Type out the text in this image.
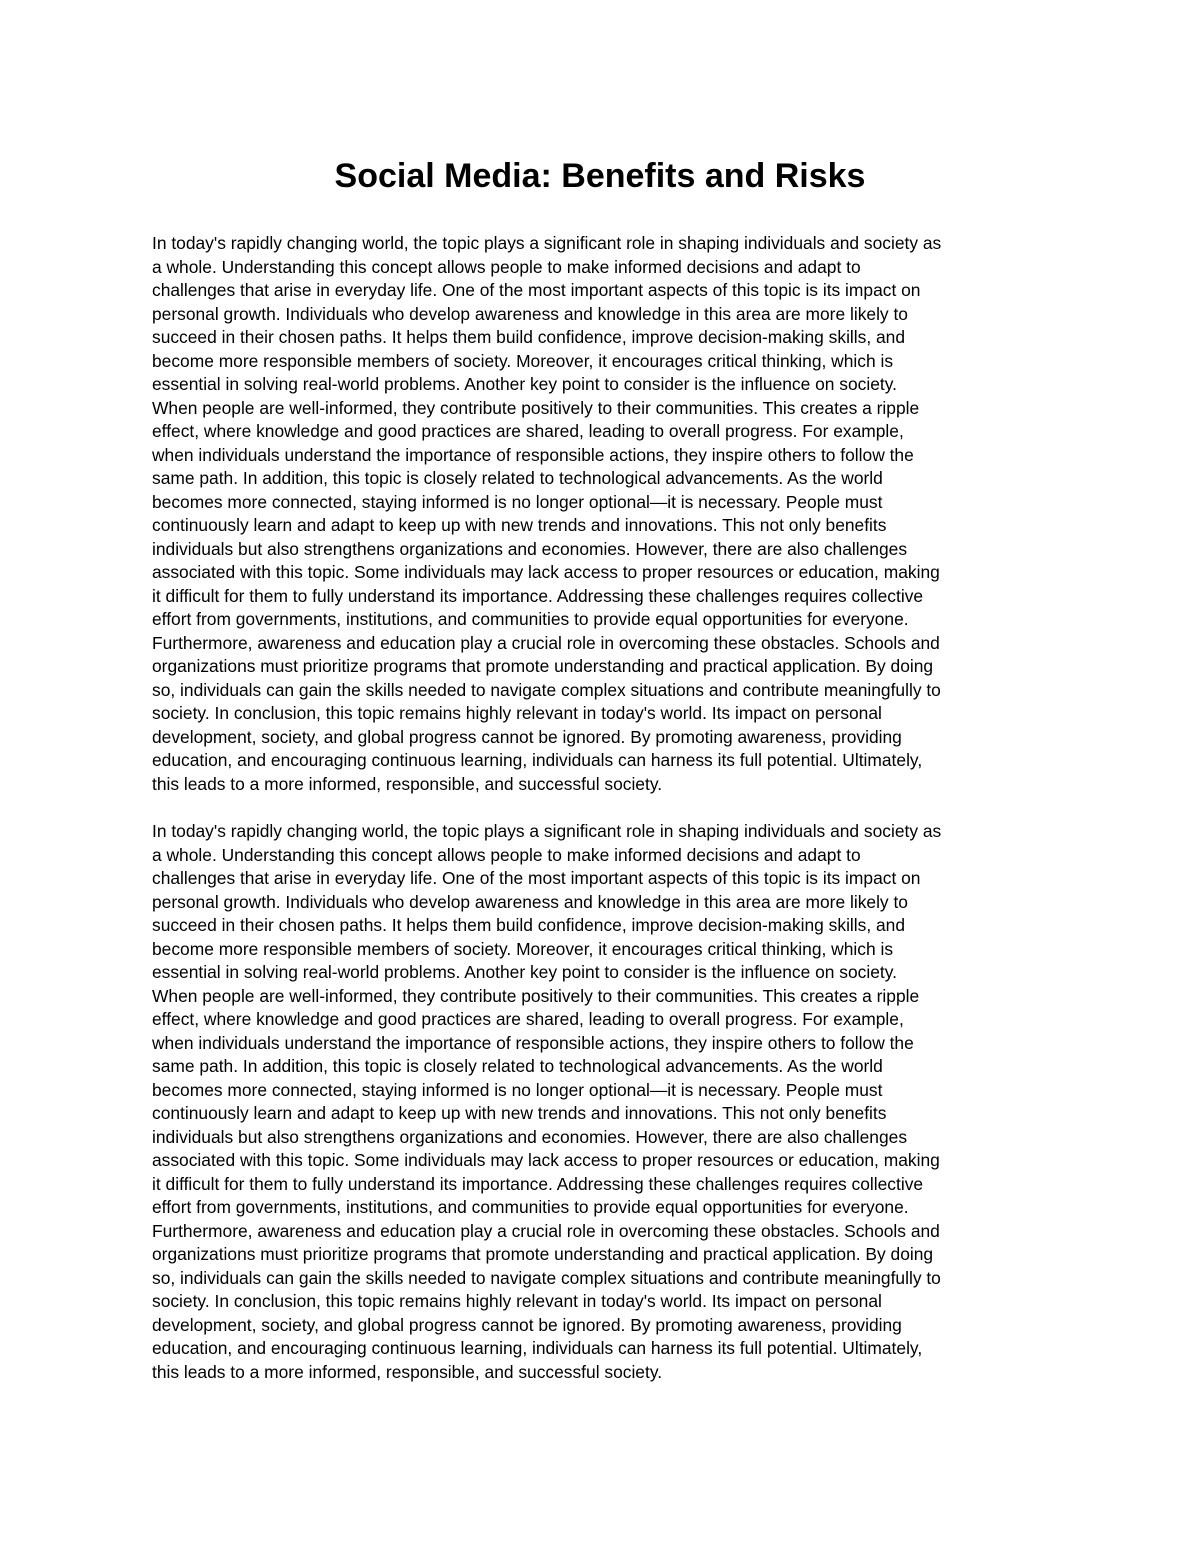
Social Media: Benefits and Risks
In today's rapidly changing world, the topic plays a significant role in shaping individuals and society as
a whole. Understanding this concept allows people to make informed decisions and adapt to
challenges that arise in everyday life. One of the most important aspects of this topic is its impact on
personal growth. Individuals who develop awareness and knowledge in this area are more likely to
succeed in their chosen paths. It helps them build confidence, improve decision-making skills, and
become more responsible members of society. Moreover, it encourages critical thinking, which is
essential in solving real-world problems. Another key point to consider is the influence on society.
When people are well-informed, they contribute positively to their communities. This creates a ripple
effect, where knowledge and good practices are shared, leading to overall progress. For example,
when individuals understand the importance of responsible actions, they inspire others to follow the
same path. In addition, this topic is closely related to technological advancements. As the world
becomes more connected, staying informed is no longer optional—it is necessary. People must
continuously learn and adapt to keep up with new trends and innovations. This not only benefits
individuals but also strengthens organizations and economies. However, there are also challenges
associated with this topic. Some individuals may lack access to proper resources or education, making
it difficult for them to fully understand its importance. Addressing these challenges requires collective
effort from governments, institutions, and communities to provide equal opportunities for everyone.
Furthermore, awareness and education play a crucial role in overcoming these obstacles. Schools and
organizations must prioritize programs that promote understanding and practical application. By doing
so, individuals can gain the skills needed to navigate complex situations and contribute meaningfully to
society. In conclusion, this topic remains highly relevant in today's world. Its impact on personal
development, society, and global progress cannot be ignored. By promoting awareness, providing
education, and encouraging continuous learning, individuals can harness its full potential. Ultimately,
this leads to a more informed, responsible, and successful society.
In today's rapidly changing world, the topic plays a significant role in shaping individuals and society as
a whole. Understanding this concept allows people to make informed decisions and adapt to
challenges that arise in everyday life. One of the most important aspects of this topic is its impact on
personal growth. Individuals who develop awareness and knowledge in this area are more likely to
succeed in their chosen paths. It helps them build confidence, improve decision-making skills, and
become more responsible members of society. Moreover, it encourages critical thinking, which is
essential in solving real-world problems. Another key point to consider is the influence on society.
When people are well-informed, they contribute positively to their communities. This creates a ripple
effect, where knowledge and good practices are shared, leading to overall progress. For example,
when individuals understand the importance of responsible actions, they inspire others to follow the
same path. In addition, this topic is closely related to technological advancements. As the world
becomes more connected, staying informed is no longer optional—it is necessary. People must
continuously learn and adapt to keep up with new trends and innovations. This not only benefits
individuals but also strengthens organizations and economies. However, there are also challenges
associated with this topic. Some individuals may lack access to proper resources or education, making
it difficult for them to fully understand its importance. Addressing these challenges requires collective
effort from governments, institutions, and communities to provide equal opportunities for everyone.
Furthermore, awareness and education play a crucial role in overcoming these obstacles. Schools and
organizations must prioritize programs that promote understanding and practical application. By doing
so, individuals can gain the skills needed to navigate complex situations and contribute meaningfully to
society. In conclusion, this topic remains highly relevant in today's world. Its impact on personal
development, society, and global progress cannot be ignored. By promoting awareness, providing
education, and encouraging continuous learning, individuals can harness its full potential. Ultimately,
this leads to a more informed, responsible, and successful society.
